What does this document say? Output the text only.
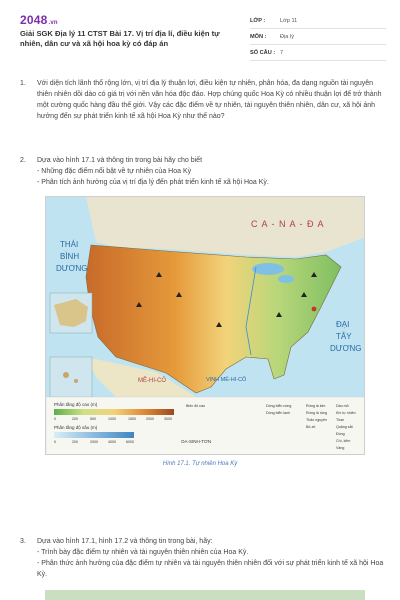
2048.vn
Giải SGK Địa lý 11 CTST Bài 17. Vị trí địa lí, điều kiện tự nhiên, dân cư và xã hội hoa kỳ có đáp án
LỚP :	Lớp 11
MÔN :	Địa lý
SỐ CÂU : 7
1. Với diện tích lãnh thổ rộng lớn, vị trí địa lý thuận lợi, điều kiện tự nhiên, phân hóa, đa dạng nguồn tài nguyên thiên nhiên dồi dào có giá trị với nền văn hóa độc đáo. Hợp chúng quốc Hoa Kỳ có nhiều thuận lợi để trở thành một cường quốc hàng đầu thế giới. Vậy các đặc điểm về tự nhiên, tài nguyên thiên nhiên, dân cư, xã hội ảnh hưởng đến sự phát triển kinh tế xã hội Hoa Kỳ như thế nào?
2. Dựa vào hình 17.1 và thông tin trong bài hãy cho biết
- Những đặc điểm nổi bật về tự nhiên của Hoa Kỳ
- Phân tích ảnh hưởng của vị trí địa lý đến phát triển kinh tế xã hội Hoa Kỳ.
C A - N A - Đ A
THÁI
BÌNH
DƯƠNG
ĐẠI
TÂY
DƯƠNG
MÊ-HI-CÔ	VỊNH MÊ-HI-CÔ
Phân tầng độ cao (m)
0	200	500	1000	1500	2000	3000
Phân tầng độ sâu (m)
0	200	2000	4000	6000	OA-SINH-TƠN
Biên đô cao	Dầu mỏ
Khí tự nhiên
Than
Quặng sắt
Rừng lá kim
Rừng lá rộng
Thảo nguyên
Dòng biển nóng
Dòng biển lạnh
Đồng
Chì, kẽm
Vàng
Bô-xít
Hình 17.1. Tự nhiên Hoa Kỳ
3. Dựa vào hình 17.1, hình 17.2 và thông tin trong bài, hãy:
- Trình bày đặc điểm tự nhiên và tài nguyên thiên nhiên của Hoa Kỳ.
- Phân thức ảnh hưởng của đặc điểm tự nhiên và tài nguyên thiên nhiên đối với sự phát triển kinh tế xã hội Hoa Kỳ.
